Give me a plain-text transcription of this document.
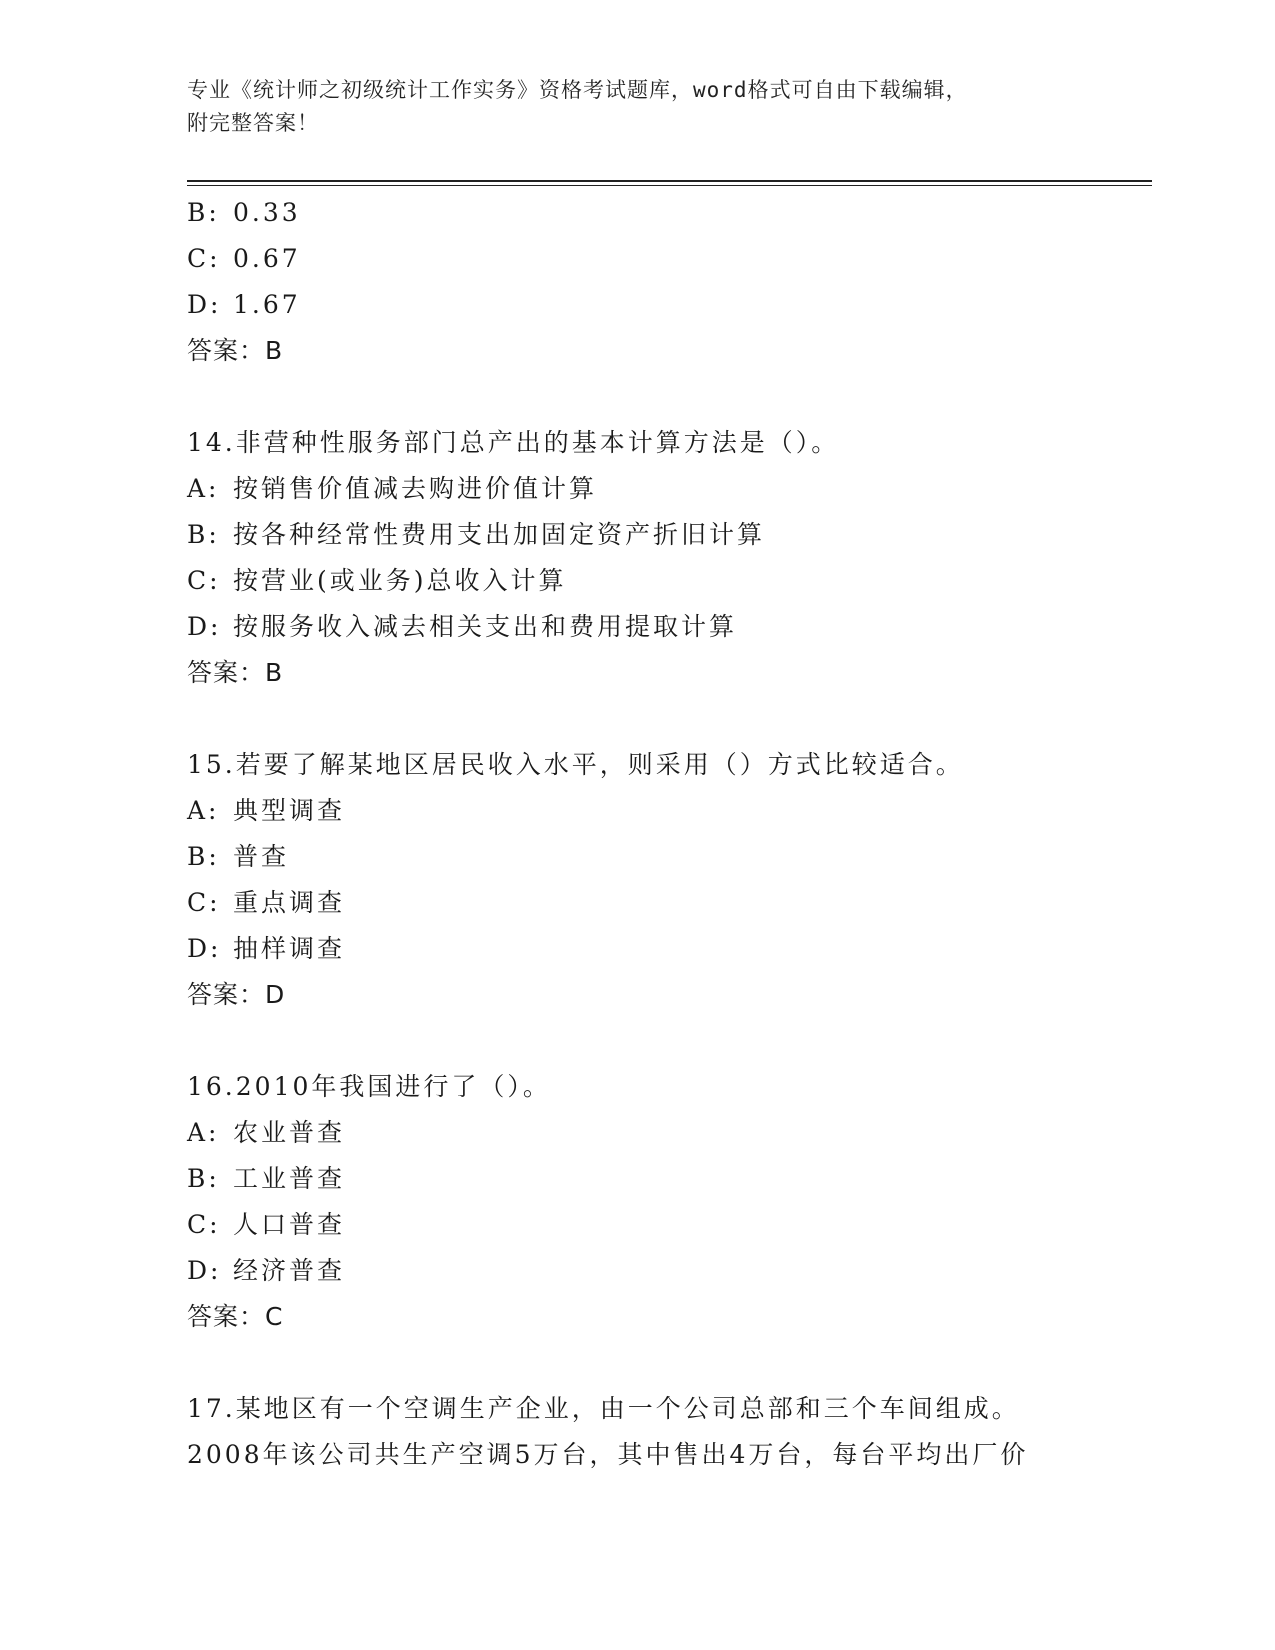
专业《统计师之初级统计工作实务》资格考试题库，word格式可自由下载编辑，
附完整答案！
B: 0.33
C: 0.67
D: 1.67
答案：B
14.非营种性服务部门总产出的基本计算方法是（）。
A: 按销售价值减去购进价值计算
B: 按各种经常性费用支出加固定资产折旧计算
C: 按营业(或业务)总收入计算
D: 按服务收入减去相关支出和费用提取计算
答案：B
15.若要了解某地区居民收入水平，则采用（）方式比较适合。
A: 典型调查
B: 普查
C: 重点调查
D: 抽样调查
答案：D
16.2010年我国进行了（）。
A: 农业普查
B: 工业普查
C: 人口普查
D: 经济普查
答案：C
17.某地区有一个空调生产企业，由一个公司总部和三个车间组成。
2008年该公司共生产空调5万台，其中售出4万台，每台平均出厂价
